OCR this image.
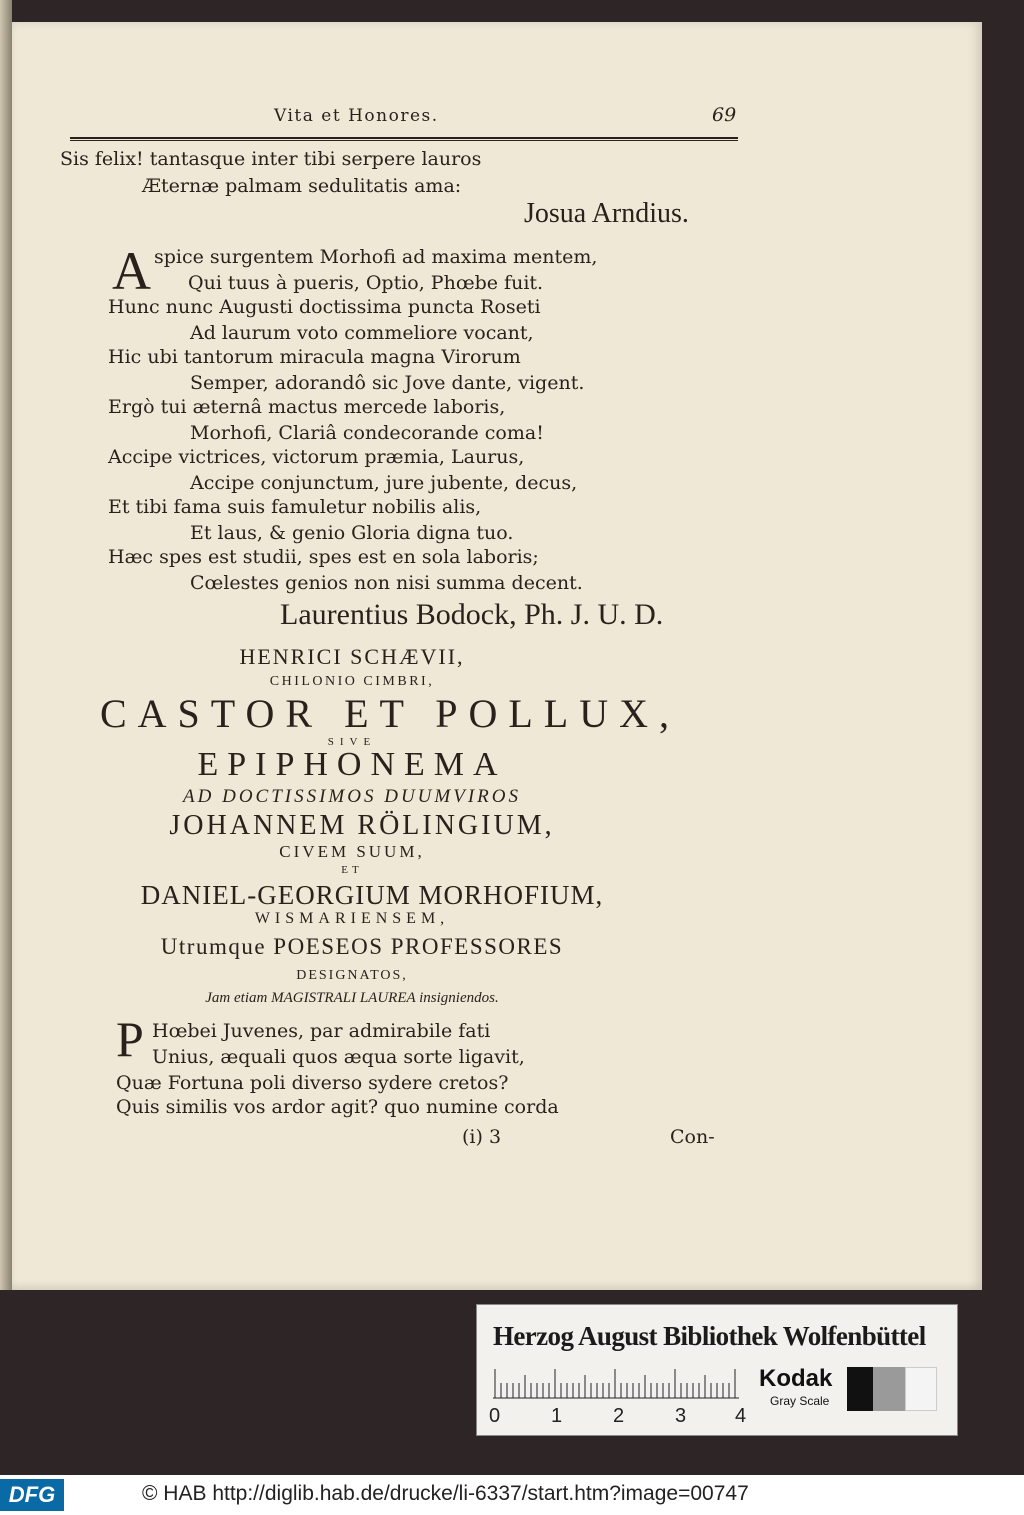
Vita et Honores.	69
Sis felix! tantasque inter tibi serpere lauros
Æternæ palmam sedulitatis ama:
Josua Arndius.
A spice surgentem Morhofi ad maxima mentem,
Qui tuus à pueris, Optio, Phœbe fuit.
Hunc nunc Augusti doctissima puncta Roseti
Ad laurum voto commeliore vocant,
Hic ubi tantorum miracula magna Virorum
Semper, adorandô sic Jove dante, vigent.
Ergò tui æternâ mactus mercede laboris,
Morhofi, Clariâ condecorande coma!
Accipe victrices, victorum præmia, Laurus,
Accipe conjunctum, jure jubente, decus,
Et tibi fama suis famuletur nobilis alis,
Et laus, & genio Gloria digna tuo.
Hæc spes est studii, spes est en sola laboris;
Cœlestes genios non nisi summa decent.
Laurentius Bodock, Ph. J. U. D.
HENRICI SCHÆVII,
CHILONIO CIMBRI,
CASTOR ET POLLUX,
SIVE
EPIPHONEMA
AD DOCTISSIMOS DUUMVIROS
JOHANNEM RÖLINGIUM,
CIVEM SUUM,
ET
DANIEL-GEORGIUM MORHOFIUM,
WISMARIENSEM,
Utrumque POESEOS PROFESSORES
DESIGNATOS,
Jam etiam MAGISTRALI LAUREA insigniendos.
P Hœbei Juvenes, par admirabile fati
Unius, æquali quos æqua sorte ligavit,
Quæ Fortuna poli diverso sydere cretos?
Quis similis vos ardor agit? quo numine corda
(i) 3	Con-
Herzog August Bibliothek Wolfenbüttel
0	1	2	3 4
Kodak
Gray Scale
DFG	© HAB http://diglib.hab.de/drucke/li-6337/start.htm?image=00747
